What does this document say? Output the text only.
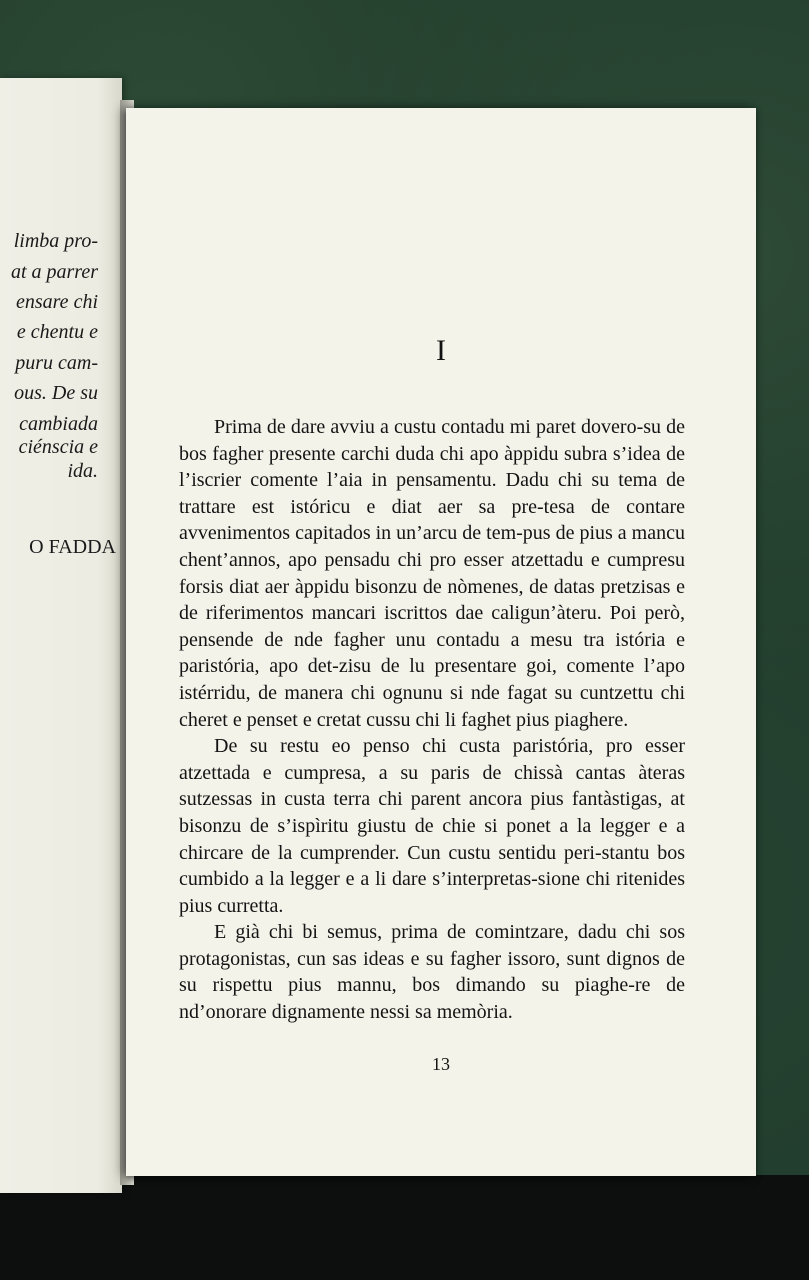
limba pro-
at a parrer
ensare chi
e chentu e
puru cam-
ous. De su
cambiada
ciénscia e
ida.
O FADDA
I

Prima de dare avviu a custu contadu mi paret dovero-su de bos fagher presente carchi duda chi apo àppidu subra s’idea de l’iscrier comente l’aia in pensamentu. Dadu chi su tema de trattare est istóricu e diat aer sa pre-tesa de contare avvenimentos capitados in un’arcu de tem-pus de pius a mancu chent’annos, apo pensadu chi pro esser atzettadu e cumpresu forsis diat aer àppidu bisonzu de nòmenes, de datas pretzisas e de riferimentos mancari iscrittos dae caligun’àteru. Poi però, pensende de nde fagher unu contadu a mesu tra istória e paristória, apo det-zisu de lu presentare goi, comente l’apo istérridu, de manera chi ognunu si nde fagat su cuntzettu chi cheret e penset e cretat cussu chi li faghet pius piaghere.

De su restu eo penso chi custa paristória, pro esser atzettada e cumpresa, a su paris de chissà cantas àteras sutzessas in custa terra chi parent ancora pius fantàstigas, at bisonzu de s’ispìritu giustu de chie si ponet a la legger e a chircare de la cumprender. Cun custu sentidu peri-stantu bos cumbido a la legger e a li dare s’interpretas-sione chi ritenides pius curretta.

E già chi bi semus, prima de comintzare, dadu chi sos protagonistas, cun sas ideas e su fagher issoro, sunt dignos de su rispettu pius mannu, bos dimando su piaghe-re de nd’onorare dignamente nessi sa memòria.

13
